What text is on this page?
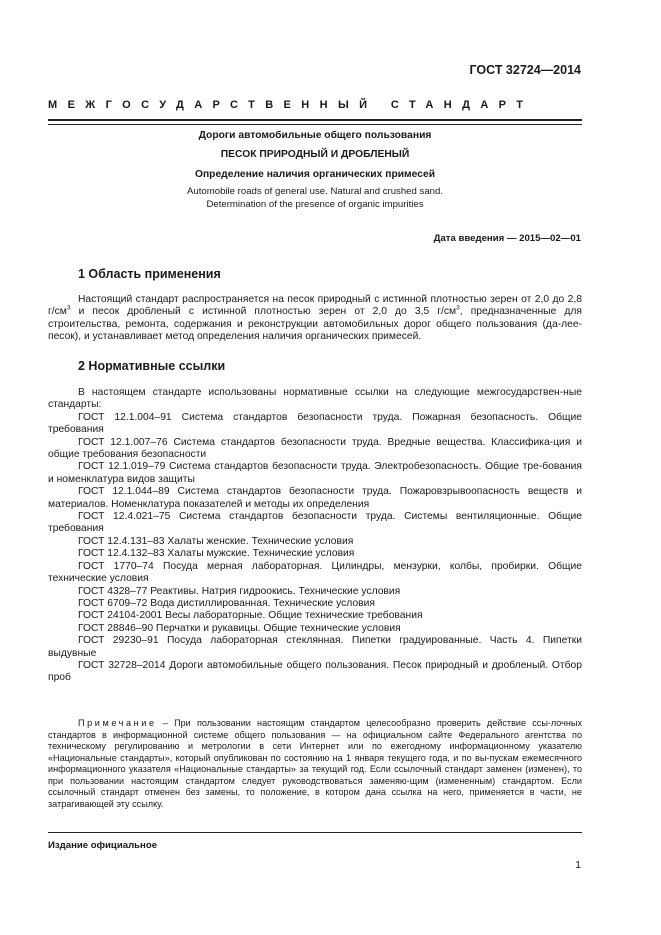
ГОСТ 32724—2014
МЕЖГОСУДАРСТВЕННЫЙ СТАНДАРТ
Дороги автомобильные общего пользования
ПЕСОК ПРИРОДНЫЙ И ДРОБЛЕНЫЙ
Определение наличия органических примесей
Automobile roads of general use. Natural and crushed sand.
Determination of the presence of organic impurities
Дата введения — 2015—02—01
1 Область применения

Настоящий стандарт распространяется на песок природный с истинной плотностью зерен от 2,0 до 2,8 $г/см^3$ и песок дробленый с истинной плотностью зерен от 2,0 до 3,5 $г/см^3$, предназначенные для строительства, ремонта, содержания и реконструкции автомобильных дорог общего пользования (да-лее-песок), и устанавливает метод определения наличия органических примесей.

2 Нормативные ссылки

В настоящем стандарте использованы нормативные ссылки на следующие межгосударствен-ные стандарты:

ГОСТ 12.1.004–91 Система стандартов безопасности труда. Пожарная безопасность. Общие требования

ГОСТ 12.1.007–76 Система стандартов безопасности труда. Вредные вещества. Классифика-ция и общие требования безопасности

ГОСТ 12.1.019–79 Система стандартов безопасности труда. Электробезопасность. Общие тре-бования и номенклатура видов защиты

ГОСТ 12.1.044–89 Система стандартов безопасности труда. Пожаровзрывоопасность веществ и материалов. Номенклатура показателей и методы их определения

ГОСТ 12.4.021–75 Система стандартов безопасности труда. Системы вентиляционные. Общие требования

ГОСТ 12.4.131–83 Халаты женские. Технические условия

ГОСТ 12.4.132–83 Халаты мужские. Технические условия

ГОСТ 1770–74 Посуда мерная лабораторная. Цилиндры, мензурки, колбы, пробирки. Общие технические условия

ГОСТ 4328–77 Реактивы. Натрия гидроокись. Технические условия

ГОСТ 6709–72 Вода дистиллированная. Технические условия

ГОСТ 24104-2001 Весы лабораторные. Общие технические требования

ГОСТ 28846–90 Перчатки и рукавицы. Общие технические условия

ГОСТ 29230–91 Посуда лабораторная стеклянная. Пипетки градуированные. Часть 4. Пипетки выдувные

ГОСТ 32728–2014 Дороги автомобильные общего пользования. Песок природный и дробленый. Отбор проб

Примечание – При пользовании настоящим стандартом целесообразно проверить действие ссы-лочных стандартов в информационной системе общего пользования — на официальном сайте Федерального агентства по техническому регулированию и метрологии в сети Интернет или по ежегодному информационному указателю «Национальные стандарты», который опубликован по состоянию на 1 января текущего года, и по вы-пускам ежемесячного информационного указателя «Национальные стандарты» за текущий год. Если ссылочный стандарт заменен (изменен), то при пользовании настоящим стандартом следует руководствоваться заменяю-щим (измененным) стандартом. Если ссылочный стандарт отменен без замены, то положение, в котором дана ссылка на него, применяется в части, не затрагивающей эту ссылку.
Издание официальное
1
